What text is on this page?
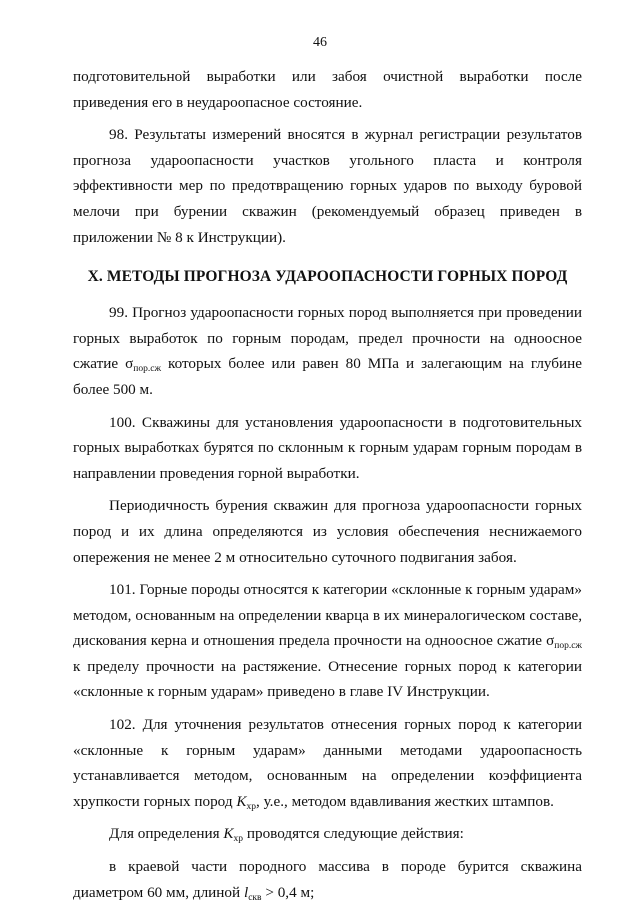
46

подготовительной выработки или забоя очистной выработки после приведения его в неудароопасное состояние.

98. Результаты измерений вносятся в журнал регистрации результатов прогноза удароопасности участков угольного пласта и контроля эффективности мер по предотвращению горных ударов по выходу буровой мелочи при бурении скважин (рекомендуемый образец приведен в приложении № 8 к Инструкции).

X. МЕТОДЫ ПРОГНОЗА УДАРООПАСНОСТИ ГОРНЫХ ПОРОД

99. Прогноз удароопасности горных пород выполняется при проведении горных выработок по горным породам, предел прочности на одноосное сжатие $\sigma_{пор.сж}$ которых более или равен 80 МПа и залегающим на глубине более 500 м.

100. Скважины для установления удароопасности в подготовительных горных выработках бурятся по склонным к горным ударам горным породам в направлении проведения горной выработки.

Периодичность бурения скважин для прогноза удароопасности горных пород и их длина определяются из условия обеспечения неснижаемого опережения не менее 2 м относительно суточного подвигания забоя.

101. Горные породы относятся к категории «склонные к горным ударам» методом, основанным на определении кварца в их минералогическом составе, дискования керна и отношения предела прочности на одноосное сжатие $\sigma_{пор.сж}$ к пределу прочности на растяжение. Отнесение горных пород к категории «склонные к горным ударам» приведено в главе IV Инструкции.

102. Для уточнения результатов отнесения горных пород к категории «склонные к горным ударам» данными методами удароопасность устанавливается методом, основанным на определении коэффициента хрупкости горных пород $K_{хр}$, у.е., методом вдавливания жестких штампов.

Для определения $K_{хр}$ проводятся следующие действия:

в краевой части породного массива в породе бурится скважина диаметром 60 мм, длиной $l_{скв} > 0,4$ м;
